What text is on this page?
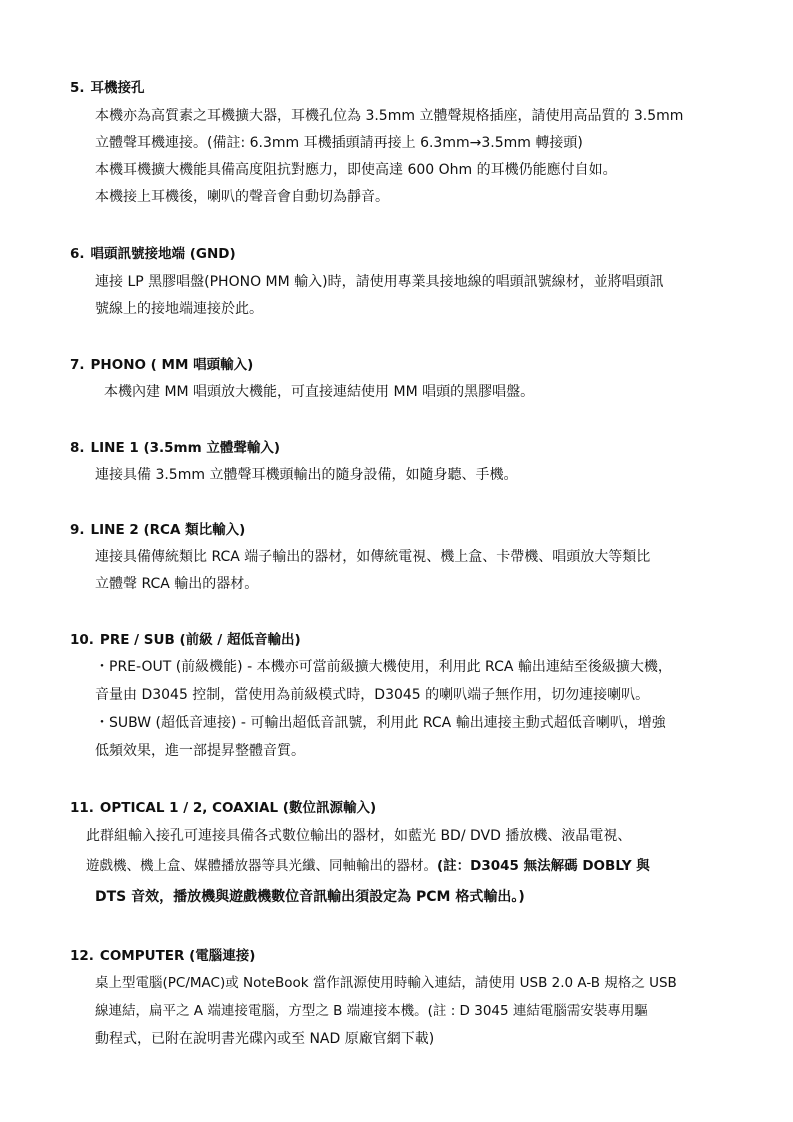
5. 耳機接孔
本機亦為高質素之耳機擴大器，耳機孔位為 3.5mm 立體聲規格插座，請使用高品質的 3.5mm
立體聲耳機連接。(備註: 6.3mm 耳機插頭請再接上 6.3mm→3.5mm 轉接頭)
本機耳機擴大機能具備高度阻抗對應力，即使高達 600 Ohm 的耳機仍能應付自如。
本機接上耳機後，喇叭的聲音會自動切為靜音。
6. 唱頭訊號接地端 (GND)
連接 LP 黑膠唱盤(PHONO MM 輸入)時，請使用專業具接地線的唱頭訊號線材，並將唱頭訊
號線上的接地端連接於此。
7. PHONO ( MM 唱頭輸入)
本機內建 MM 唱頭放大機能，可直接連結使用 MM 唱頭的黑膠唱盤。
8. LINE 1 (3.5mm 立體聲輸入)
連接具備 3.5mm 立體聲耳機頭輸出的隨身設備，如隨身聽、手機。
9. LINE 2 (RCA 類比輸入)
連接具備傳統類比 RCA 端子輸出的器材，如傳統電視、機上盒、卡帶機、唱頭放大等類比
立體聲 RCA 輸出的器材。
10. PRE / SUB (前級 / 超低音輸出)
・PRE-OUT (前級機能) - 本機亦可當前級擴大機使用，利用此 RCA 輸出連結至後級擴大機，
音量由 D3045 控制，當使用為前級模式時，D3045 的喇叭端子無作用，切勿連接喇叭。
・SUBW (超低音連接) - 可輸出超低音訊號，利用此 RCA 輸出連接主動式超低音喇叭，增強
低頻效果，進一部提昇整體音質。
11. OPTICAL 1 / 2, COAXIAL (數位訊源輸入)
此群組輸入接孔可連接具備各式數位輸出的器材，如藍光 BD/ DVD 播放機、液晶電視、
遊戲機、機上盒、媒體播放器等具光纖、同軸輸出的器材。(註：D3045 無法解碼 DOBLY 與
DTS 音效，播放機與遊戲機數位音訊輸出須設定為 PCM 格式輸出。)
12. COMPUTER (電腦連接)
桌上型電腦(PC/MAC)或 NoteBook 當作訊源使用時輸入連結，請使用 USB 2.0 A-B 規格之 USB
線連結，扁平之 A 端連接電腦，方型之 B 端連接本機。(註 : D 3045 連結電腦需安裝專用驅
動程式，已附在說明書光碟內或至 NAD 原廠官網下載)
